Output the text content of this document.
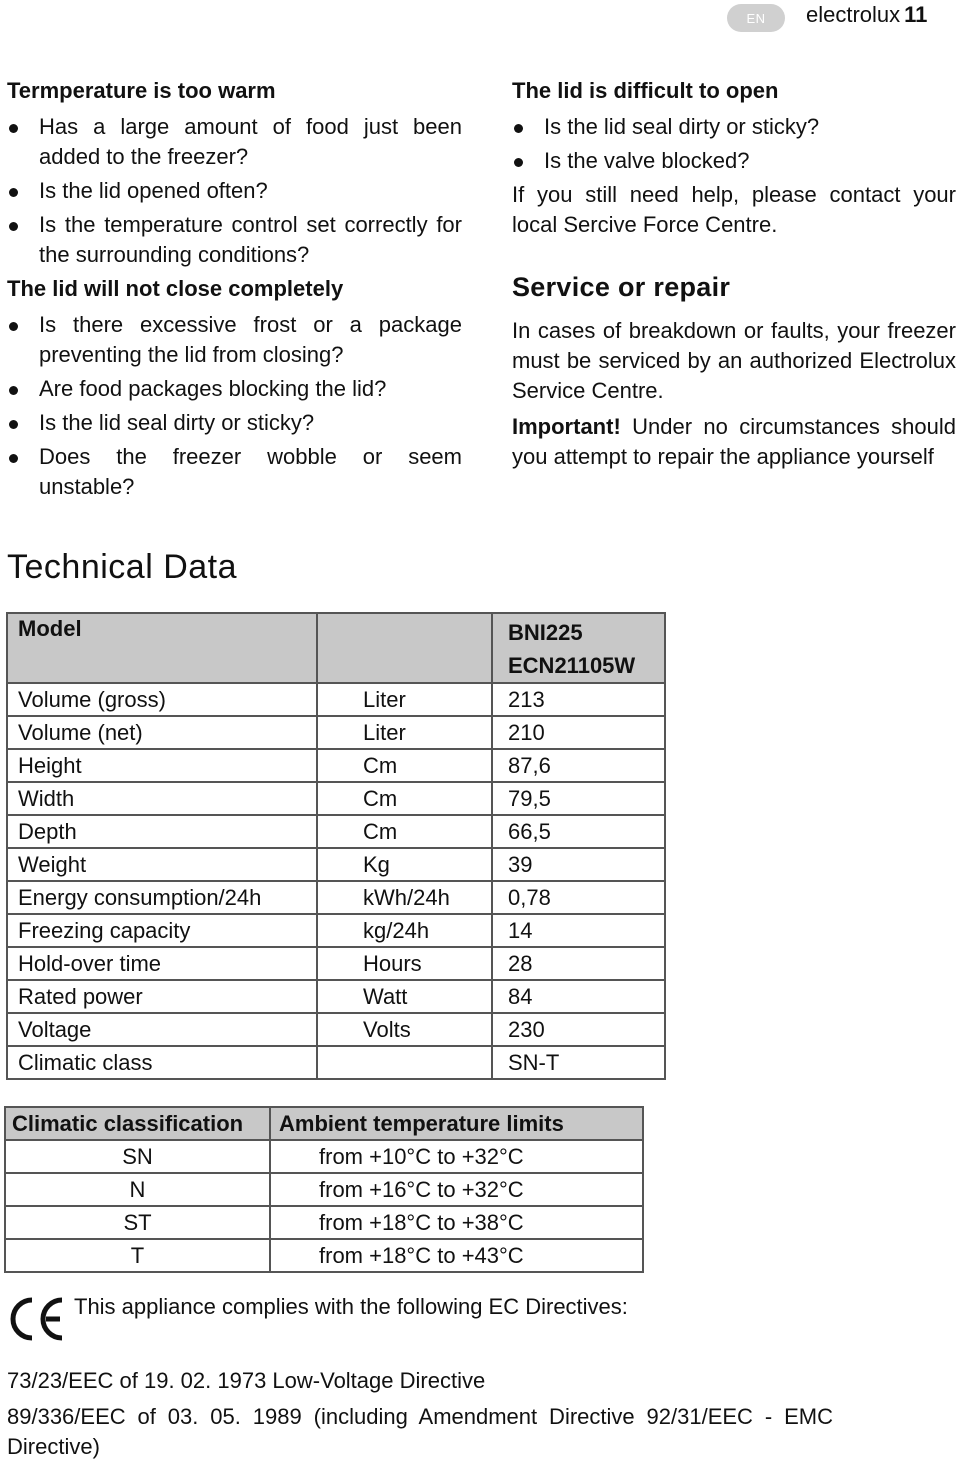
EN	electrolux 11
Termperature is too warm
Has a large amount of food just been added to the freezer?
Is the lid opened often?
Is the temperature control set correctly for the surrounding conditions?
The lid will not close completely
Is there excessive frost or a package preventing the lid from closing?
Are food packages blocking the lid?
Is the lid seal dirty or sticky?
Does the freezer wobble or seem unstable?
The lid is difficult to open
Is the lid seal dirty or sticky?
Is the valve blocked?

If you still need help, please contact your local Sercive Force Centre.

Service or repair

In cases of breakdown or faults, your freezer must be serviced by an authorized Electrolux Service Centre.

Important! Under no circumstances should you attempt to repair the appliance yourself

Technical Data
Model		BNI225
ECN21105W

Volume (gross)	Liter	213
Volume (net)	Liter	210
Height	Cm	87,6
Width	Cm	79,5
Depth	Cm	66,5
Weight	Kg	39
Energy consumption/24h	kWh/24h	0,78
Freezing capacity	kg/24h	14
Hold-over time	Hours	28
Rated power	Watt	84
Voltage	Volts	230
Climatic class		SN-T
Climatic classification	Ambient temperature limits
SN	from +10°C to +32°C
N	from +16°C to +32°C
ST	from +18°C to +38°C
T	from +18°C to +43°C
This appliance complies with the following EC Directives:
73/23/EEC of 19. 02. 1973 Low-Voltage Directive
89/336/EEC of 03. 05. 1989 (including Amendment Directive 92/31/EEC - EMC Directive)
